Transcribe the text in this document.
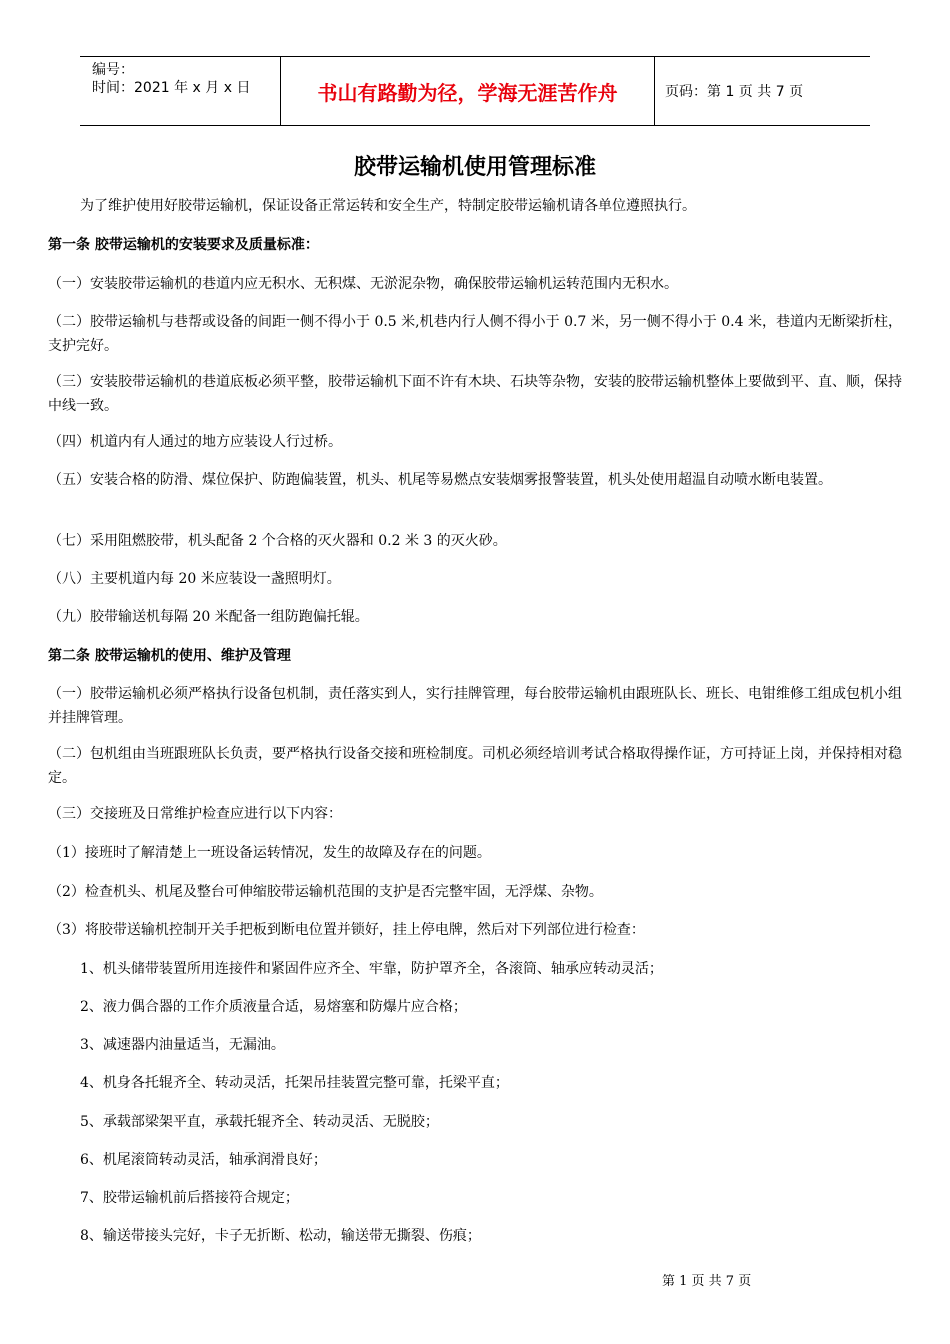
编号：
时间：2021 年 x 月 x 日	书山有路勤为径，学海无涯苦作舟	页码：第 1 页 共 7 页
胶带运输机使用管理标准
为了维护使用好胶带运输机，保证设备正常运转和安全生产，特制定胶带运输机请各单位遵照执行。
第一条 胶带运输机的安装要求及质量标准：
（一）安装胶带运输机的巷道内应无积水、无积煤、无淤泥杂物，确保胶带运输机运转范围内无积水。
（二）胶带运输机与巷帮或设备的间距一侧不得小于 0.5 米,机巷内行人侧不得小于 0.7 米，另一侧不得小于 0.4 米，巷道内无断梁折柱，支护完好。
（三）安装胶带运输机的巷道底板必须平整，胶带运输机下面不许有木块、石块等杂物，安装的胶带运输机整体上要做到平、直、顺，保持中线一致。
（四）机道内有人通过的地方应装设人行过桥。
（五）安装合格的防滑、煤位保护、防跑偏装置，机头、机尾等易燃点安装烟雾报警装置，机头处使用超温自动喷水断电装置。
（七）采用阻燃胶带，机头配备 2 个合格的灭火器和 0.2 米 3 的灭火砂。
（八）主要机道内每 20 米应装设一盏照明灯。
（九）胶带输送机每隔 20 米配备一组防跑偏托辊。
第二条 胶带运输机的使用、维护及管理
（一）胶带运输机必须严格执行设备包机制，责任落实到人，实行挂牌管理，每台胶带运输机由跟班队长、班长、电钳维修工组成包机小组并挂牌管理。
（二）包机组由当班跟班队长负责，要严格执行设备交接和班检制度。司机必须经培训考试合格取得操作证，方可持证上岗，并保持相对稳定。
（三）交接班及日常维护检查应进行以下内容：
（1）接班时了解清楚上一班设备运转情况，发生的故障及存在的问题。
（2）检查机头、机尾及整台可伸缩胶带运输机范围的支护是否完整牢固，无浮煤、杂物。
（3）将胶带送输机控制开关手把板到断电位置并锁好，挂上停电牌，然后对下列部位进行检查：
1、机头储带装置所用连接件和紧固件应齐全、牢靠，防护罩齐全，各滚筒、轴承应转动灵活；
2、液力偶合器的工作介质液量合适，易熔塞和防爆片应合格；
3、减速器内油量适当，无漏油。
4、机身各托辊齐全、转动灵活，托架吊挂装置完整可靠，托梁平直；
5、承载部梁架平直，承载托辊齐全、转动灵活、无脱胶；
6、机尾滚筒转动灵活，轴承润滑良好；
7、胶带运输机前后搭接符合规定；
8、输送带接头完好，卡子无折断、松动，输送带无撕裂、伤痕；
第 1 页 共 7 页
